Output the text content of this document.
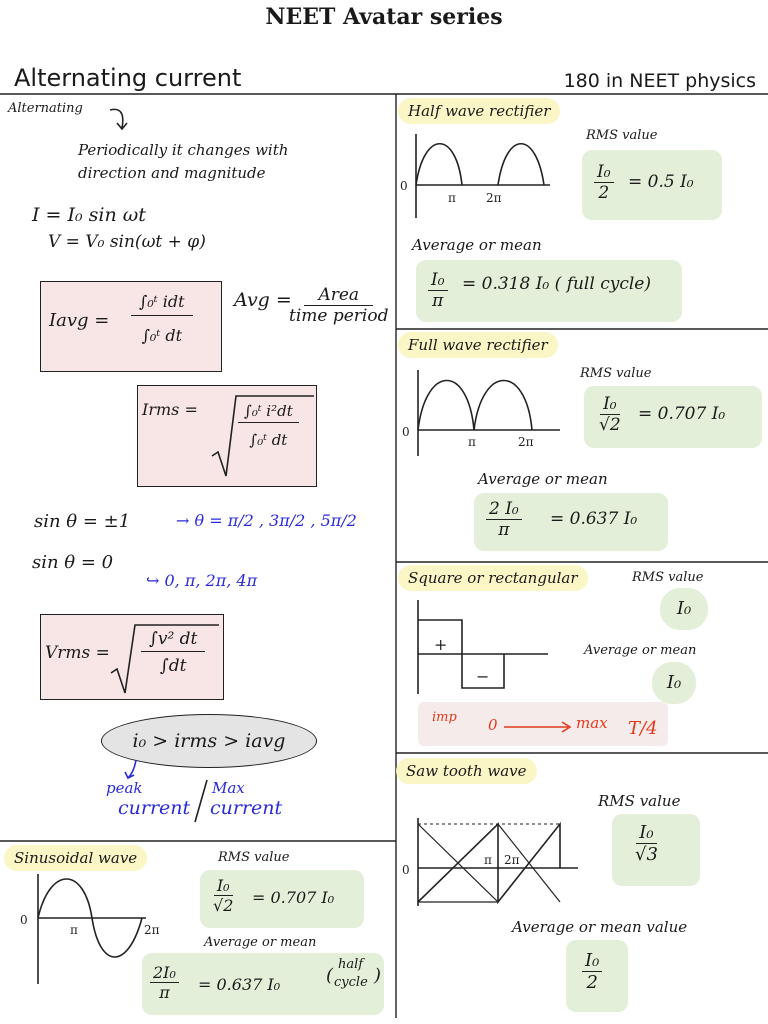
NEET Avatar series
Alternating current	180 in NEET physics
Alternating
Periodically it changes with
direction and magnitude
I = I₀ sin ωt
V = V₀ sin(ωt + φ)
Iavg =
∫₀ᵗ idt
∫₀ᵗ dt
Avg =	Area
time period
Irms =	$\frac{\text{∫₀ᵗ i²dt}}{\text{∫₀ᵗ dt}}$
sin θ = ±1	→ θ = π/2 , 3π/2 , 5π/2
sin θ = 0
↪ 0, π, 2π, 4π
Vrms = $\frac{\text{∫v² dt}}{\int dt}$
i₀ > irms > iavg
peak
current
Max
current
Sinusoidal wave
0
π	2π
RMS value
$\frac{\text{I₀}}{√2} = 0.707$ I₀
Average or mean
$\frac{\text{2I₀}}{\pi} = 0.637$ I₀	(
half
cycle )
Half wave rectifier
0
π	2π
RMS value
$\frac{\text{I₀}}{2} = 0.5$ I₀
Average or mean
$\frac{\text{I₀}}{\pi} = 0.318$ I₀ ( full cycle)
Full wave rectifier
0
π	2π
RMS value
$\frac{\text{I₀}}{√2} = 0.707$ I₀
Average or mean
$\frac{\text{2 I₀}}{\pi} = 0.637$ I₀
Square or rectangular
+
−
RMS value
I₀
Average or mean
I₀
imp 0	max T/4
Saw tooth wave
0
π 2π
RMS value
$\frac{\text{I₀}}{√3}$
Average or mean value
$\frac{\text{I₀}}{2}$
